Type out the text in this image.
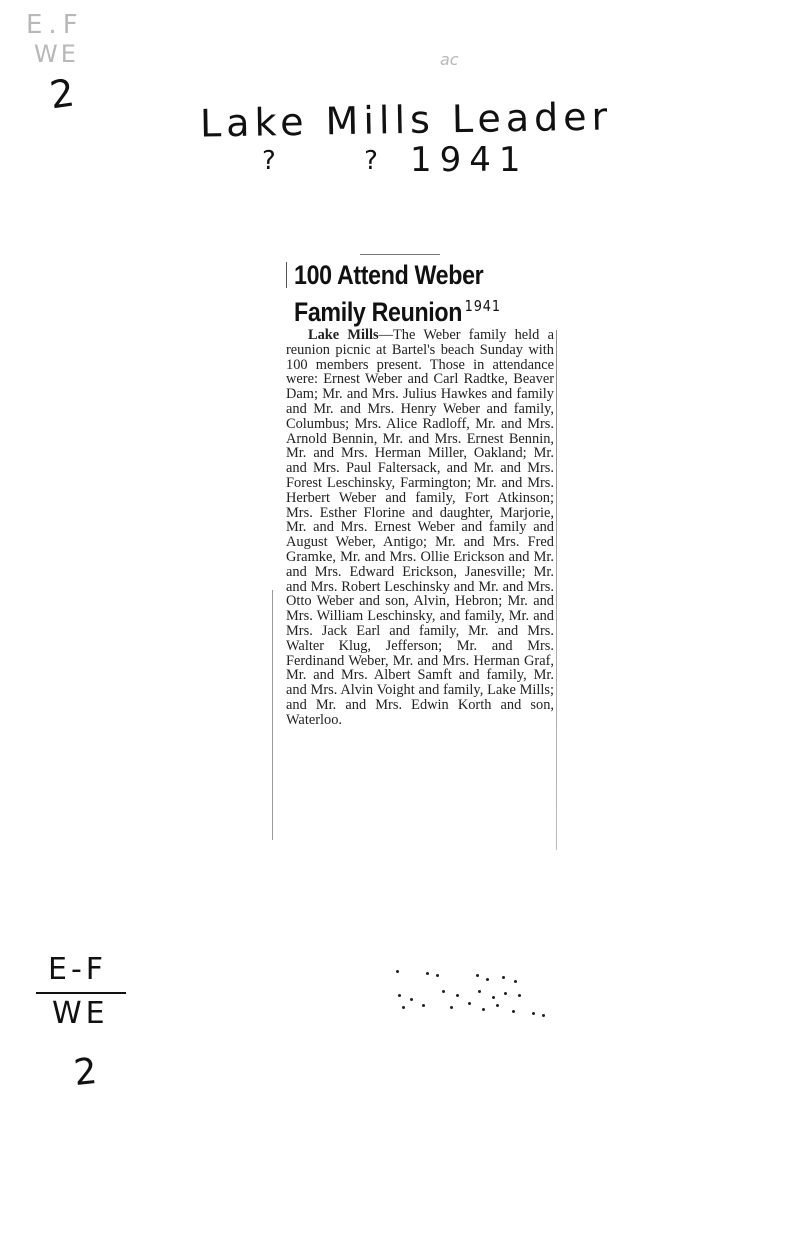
E.F
WE
2
ac
Lake Mills Leader
? ?
1941
100 Attend Weber
Family Reunion $^{1941}$

Lake Mills—The Weber family held a reunion picnic at Bartel's beach Sunday with 100 members present. Those in attendance were: Ernest Weber and Carl Radtke, Beaver Dam; Mr. and Mrs. Julius Hawkes and family and Mr. and Mrs. Henry Weber and family, Columbus; Mrs. Alice Radloff, Mr. and Mrs. Arnold Bennin, Mr. and Mrs. Ernest Bennin, Mr. and Mrs. Herman Miller, Oakland; Mr. and Mrs. Paul Faltersack, and Mr. and Mrs. Forest Leschinsky, Farmington; Mr. and Mrs. Herbert Weber and family, Fort Atkinson; Mrs. Esther Florine and daughter, Marjorie, Mr. and Mrs. Ernest Weber and family and August Weber, Antigo; Mr. and Mrs. Fred Gramke, Mr. and Mrs. Ollie Erickson and Mr. and Mrs. Edward Erickson, Janesville; Mr. and Mrs. Robert Leschinsky and Mr. and Mrs. Otto Weber and son, Alvin, Hebron; Mr. and Mrs. William Leschinsky, and family, Mr. and Mrs. Jack Earl and family, Mr. and Mrs. Walter Klug, Jefferson; Mr. and Mrs. Ferdinand Weber, Mr. and Mrs. Herman Graf, Mr. and Mrs. Albert Samft and family, Mr. and Mrs. Alvin Voight and family, Lake Mills; and Mr. and Mrs. Edwin Korth and son, Waterloo.

E-F
WE
2
